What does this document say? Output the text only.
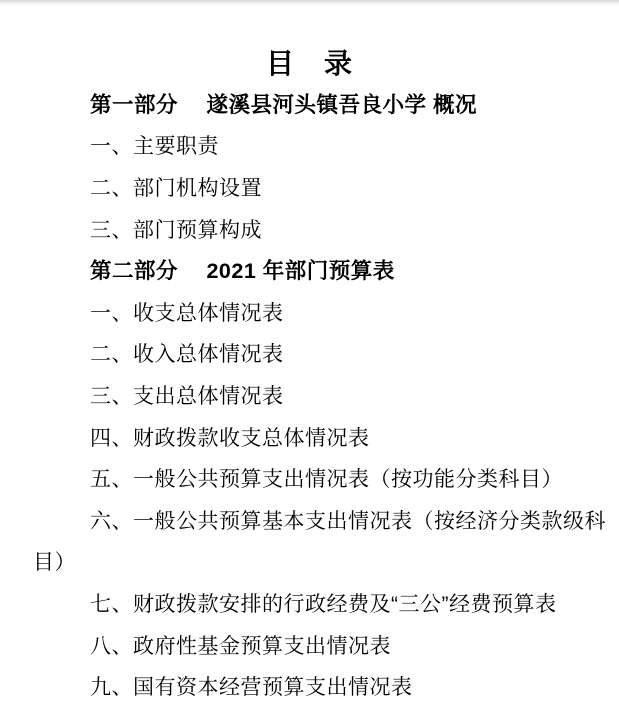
目　录
第一部分　 遂溪县河头镇吾良小学 概况
一、主要职责
二、部门机构设置
三、部门预算构成
第二部分　 2021 年部门预算表
一、收支总体情况表
二、收入总体情况表
三、支出总体情况表
四、财政拨款收支总体情况表
五、一般公共预算支出情况表（按功能分类科目）
六、一般公共预算基本支出情况表（按经济分类款级科
目）
七、财政拨款安排的行政经费及“三公”经费预算表
八、政府性基金预算支出情况表
九、国有资本经营预算支出情况表
